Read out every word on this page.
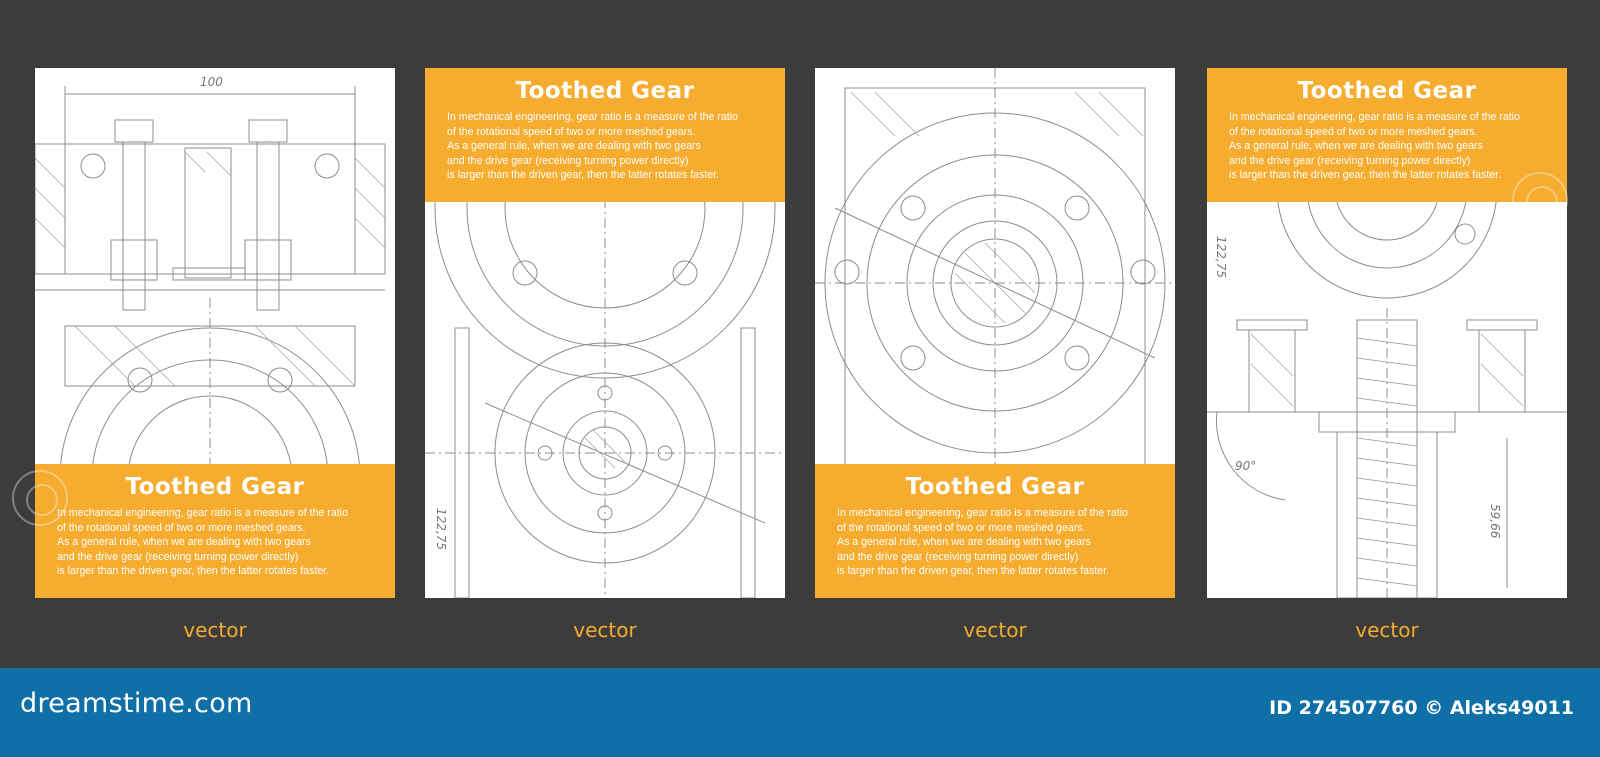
100
Toothed Gear

In mechanical engineering, gear ratio is a measure of the ratio
of the rotational speed of two or more meshed gears.
As a general rule, when we are dealing with two gears
and the drive gear (receiving turning power directly)
is larger than the driven gear, then the latter rotates faster.

vector
122,75
Toothed Gear

In mechanical engineering, gear ratio is a measure of the ratio
of the rotational speed of two or more meshed gears.
As a general rule, when we are dealing with two gears
and the drive gear (receiving turning power directly)
is larger than the driven gear, then the latter rotates faster.

vector
Toothed Gear

In mechanical engineering, gear ratio is a measure of the ratio
of the rotational speed of two or more meshed gears.
As a general rule, when we are dealing with two gears
and the drive gear (receiving turning power directly)
is larger than the driven gear, then the latter rotates faster.

vector
122,75
90°
59,66
Toothed Gear

In mechanical engineering, gear ratio is a measure of the ratio
of the rotational speed of two or more meshed gears.
As a general rule, when we are dealing with two gears
and the drive gear (receiving turning power directly)
is larger than the driven gear, then the latter rotates faster.

vector
dreamstime.com	ID 274507760 © Aleks49011
